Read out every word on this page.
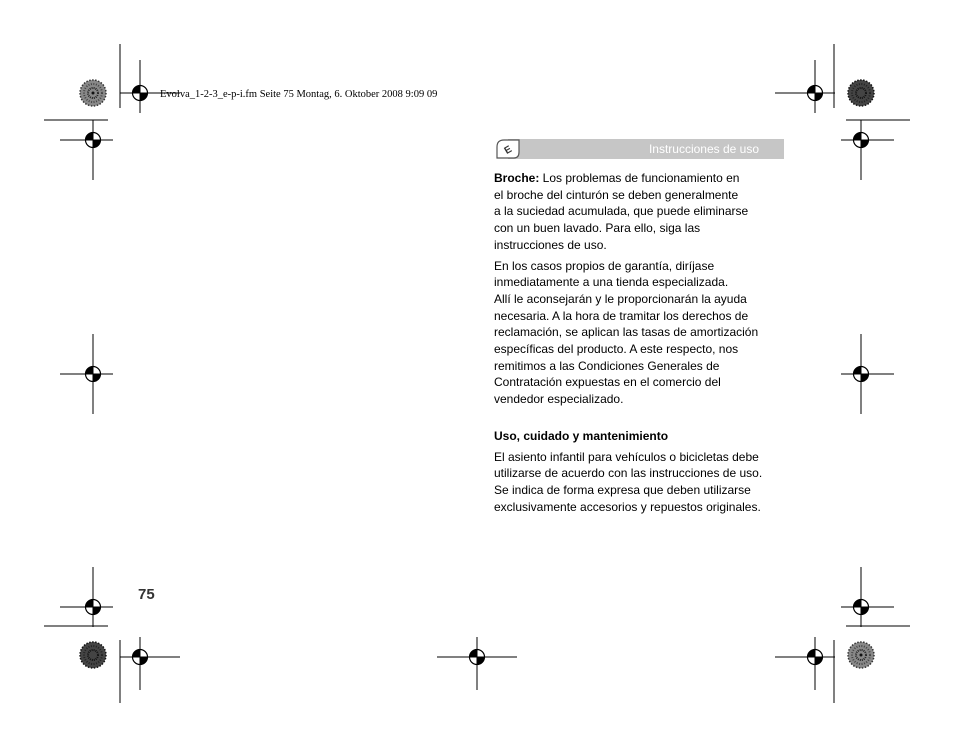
Evolva_1-2-3_e-p-i.fm Seite 75 Montag, 6. Oktober 2008 9:09 09
E	Instrucciones de uso

Broche: Los problemas de funcionamiento en
el broche del cinturón se deben generalmente
a la suciedad acumulada, que puede eliminarse
con un buen lavado. Para ello, siga las
instrucciones de uso.

En los casos propios de garantía, diríjase
inmediatamente a una tienda especializada.
Allí le aconsejarán y le proporcionarán la ayuda
necesaria. A la hora de tramitar los derechos de
reclamación, se aplican las tasas de amortización
específicas del producto. A este respecto, nos
remitimos a las Condiciones Generales de
Contratación expuestas en el comercio del
vendedor especializado.

Uso, cuidado y mantenimiento

El asiento infantil para vehículos o bicicletas debe
utilizarse de acuerdo con las instrucciones de uso.
Se indica de forma expresa que deben utilizarse
exclusivamente accesorios y repuestos originales.

75
